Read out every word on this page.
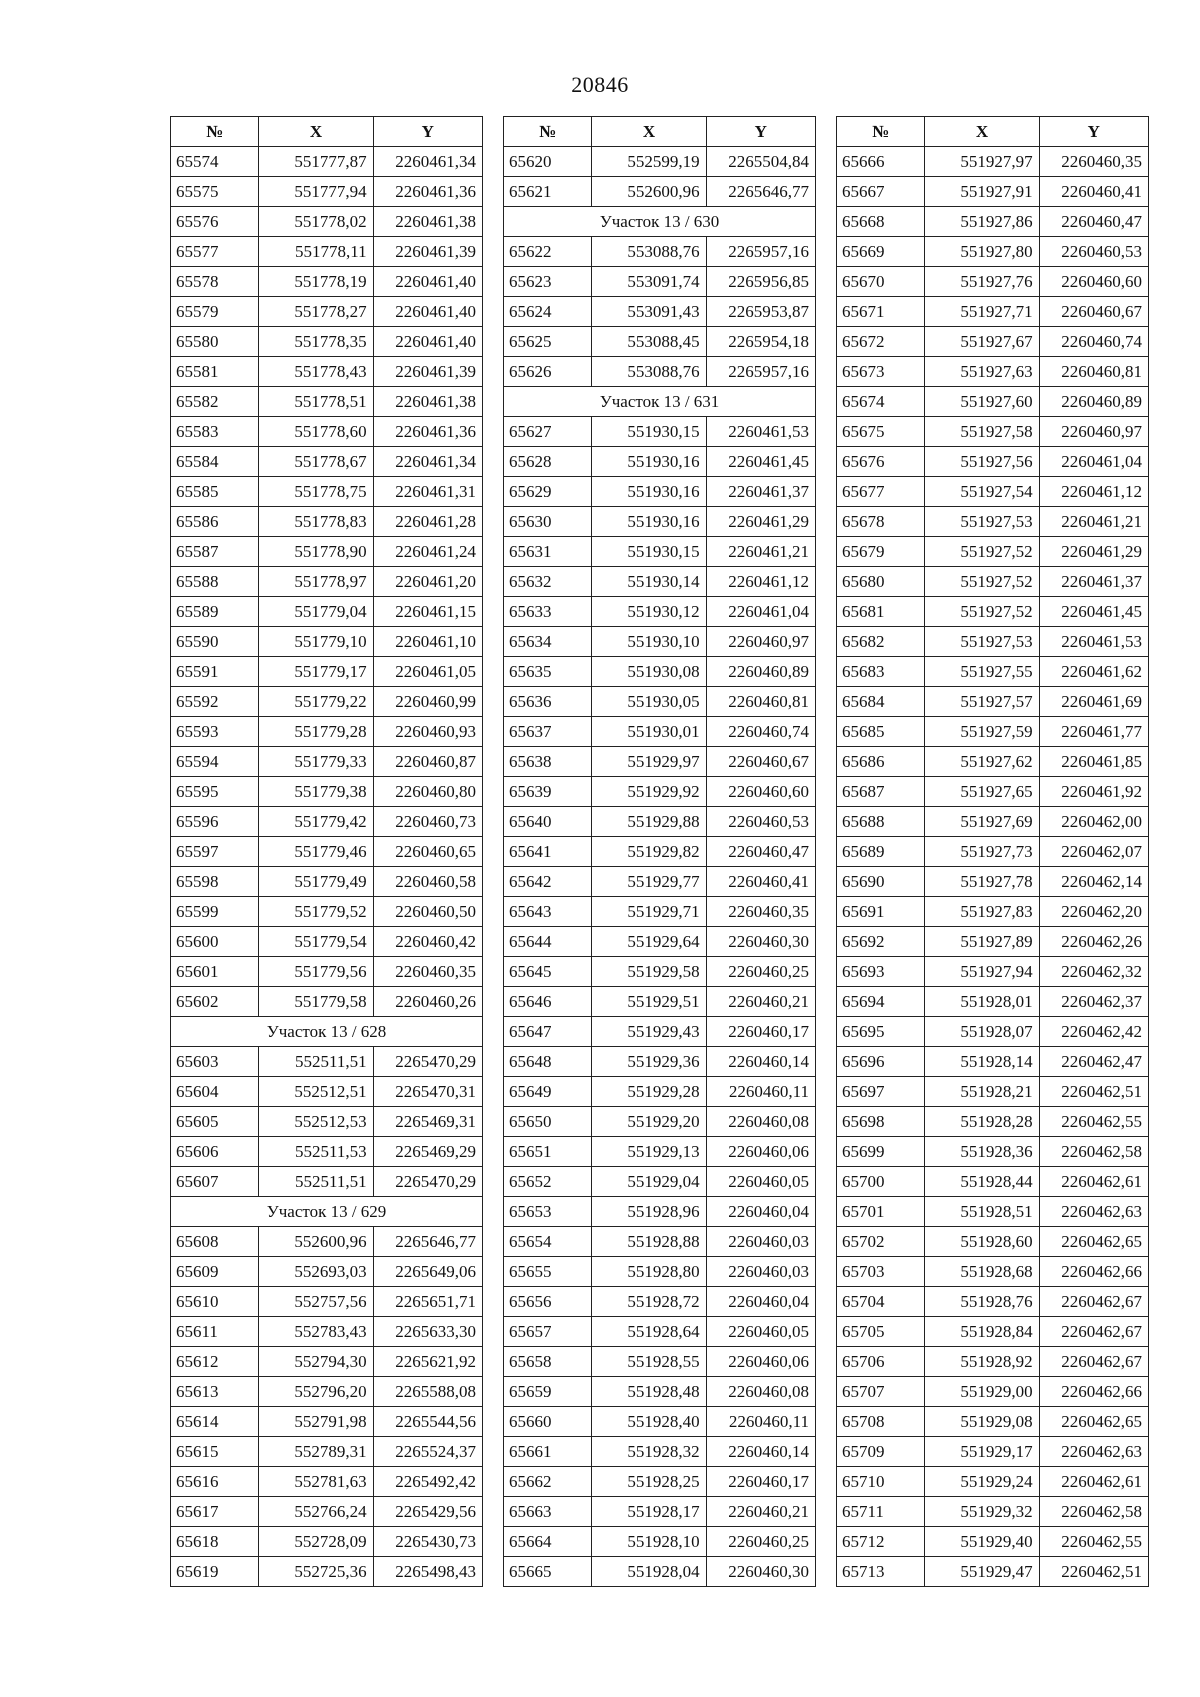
20846
№	X	Y
65574	551777,87	2260461,34
65575	551777,94	2260461,36
65576	551778,02	2260461,38
65577	551778,11	2260461,39
65578	551778,19	2260461,40
65579	551778,27	2260461,40
65580	551778,35	2260461,40
65581	551778,43	2260461,39
65582	551778,51	2260461,38
65583	551778,60	2260461,36
65584	551778,67	2260461,34
65585	551778,75	2260461,31
65586	551778,83	2260461,28
65587	551778,90	2260461,24
65588	551778,97	2260461,20
65589	551779,04	2260461,15
65590	551779,10	2260461,10
65591	551779,17	2260461,05
65592	551779,22	2260460,99
65593	551779,28	2260460,93
65594	551779,33	2260460,87
65595	551779,38	2260460,80
65596	551779,42	2260460,73
65597	551779,46	2260460,65
65598	551779,49	2260460,58
65599	551779,52	2260460,50
65600	551779,54	2260460,42
65601	551779,56	2260460,35
65602	551779,58	2260460,26
Участок 13 / 628		
65603	552511,51	2265470,29
65604	552512,51	2265470,31
65605	552512,53	2265469,31
65606	552511,53	2265469,29
65607	552511,51	2265470,29
Участок 13 / 629		
65608	552600,96	2265646,77
65609	552693,03	2265649,06
65610	552757,56	2265651,71
65611	552783,43	2265633,30
65612	552794,30	2265621,92
65613	552796,20	2265588,08
65614	552791,98	2265544,56
65615	552789,31	2265524,37
65616	552781,63	2265492,42
65617	552766,24	2265429,56
65618	552728,09	2265430,73
65619	552725,36	2265498,43
№	X	Y
65620	552599,19	2265504,84
65621	552600,96	2265646,77
Участок 13 / 630		
65622	553088,76	2265957,16
65623	553091,74	2265956,85
65624	553091,43	2265953,87
65625	553088,45	2265954,18
65626	553088,76	2265957,16
Участок 13 / 631		
65627	551930,15	2260461,53
65628	551930,16	2260461,45
65629	551930,16	2260461,37
65630	551930,16	2260461,29
65631	551930,15	2260461,21
65632	551930,14	2260461,12
65633	551930,12	2260461,04
65634	551930,10	2260460,97
65635	551930,08	2260460,89
65636	551930,05	2260460,81
65637	551930,01	2260460,74
65638	551929,97	2260460,67
65639	551929,92	2260460,60
65640	551929,88	2260460,53
65641	551929,82	2260460,47
65642	551929,77	2260460,41
65643	551929,71	2260460,35
65644	551929,64	2260460,30
65645	551929,58	2260460,25
65646	551929,51	2260460,21
65647	551929,43	2260460,17
65648	551929,36	2260460,14
65649	551929,28	2260460,11
65650	551929,20	2260460,08
65651	551929,13	2260460,06
65652	551929,04	2260460,05
65653	551928,96	2260460,04
65654	551928,88	2260460,03
65655	551928,80	2260460,03
65656	551928,72	2260460,04
65657	551928,64	2260460,05
65658	551928,55	2260460,06
65659	551928,48	2260460,08
65660	551928,40	2260460,11
65661	551928,32	2260460,14
65662	551928,25	2260460,17
65663	551928,17	2260460,21
65664	551928,10	2260460,25
65665	551928,04	2260460,30
№	X	Y
65666	551927,97	2260460,35
65667	551927,91	2260460,41
65668	551927,86	2260460,47
65669	551927,80	2260460,53
65670	551927,76	2260460,60
65671	551927,71	2260460,67
65672	551927,67	2260460,74
65673	551927,63	2260460,81
65674	551927,60	2260460,89
65675	551927,58	2260460,97
65676	551927,56	2260461,04
65677	551927,54	2260461,12
65678	551927,53	2260461,21
65679	551927,52	2260461,29
65680	551927,52	2260461,37
65681	551927,52	2260461,45
65682	551927,53	2260461,53
65683	551927,55	2260461,62
65684	551927,57	2260461,69
65685	551927,59	2260461,77
65686	551927,62	2260461,85
65687	551927,65	2260461,92
65688	551927,69	2260462,00
65689	551927,73	2260462,07
65690	551927,78	2260462,14
65691	551927,83	2260462,20
65692	551927,89	2260462,26
65693	551927,94	2260462,32
65694	551928,01	2260462,37
65695	551928,07	2260462,42
65696	551928,14	2260462,47
65697	551928,21	2260462,51
65698	551928,28	2260462,55
65699	551928,36	2260462,58
65700	551928,44	2260462,61
65701	551928,51	2260462,63
65702	551928,60	2260462,65
65703	551928,68	2260462,66
65704	551928,76	2260462,67
65705	551928,84	2260462,67
65706	551928,92	2260462,67
65707	551929,00	2260462,66
65708	551929,08	2260462,65
65709	551929,17	2260462,63
65710	551929,24	2260462,61
65711	551929,32	2260462,58
65712	551929,40	2260462,55
65713	551929,47	2260462,51
